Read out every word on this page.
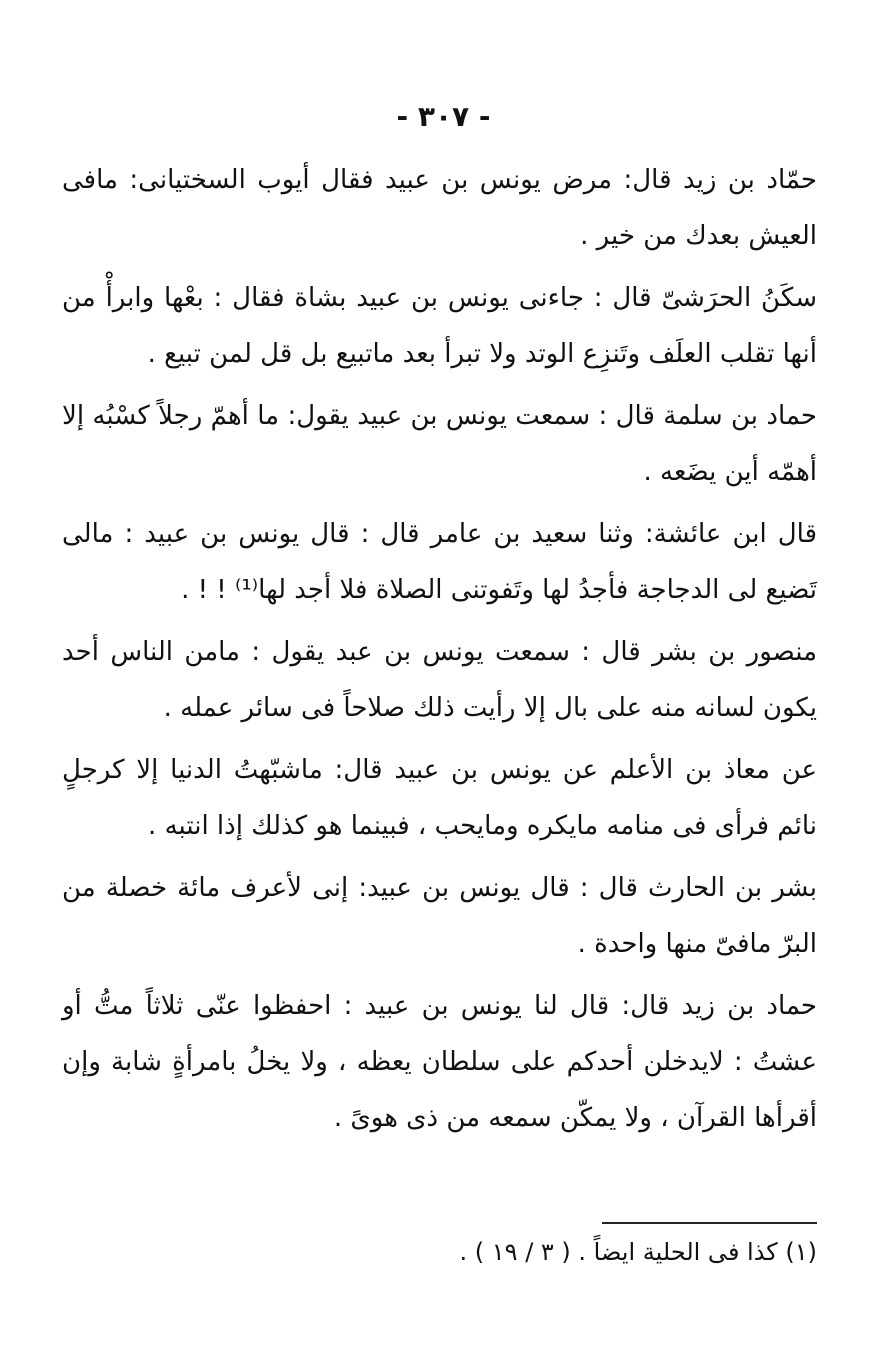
- ٣٠٧ -

حمّاد بن زيد قال: مرض يونس بن عبيد فقال أيوب السختيانى: مافى العيش بعدك من خير .

سكَنُ الحرَشىّ قال : جاءنى يونس بن عبيد بشاة فقال : بعْها وابرأْ من أنها تقلب العلَف وتَنزِع الوتد ولا تبرأ بعد ماتبيع بل قل لمن تبيع .

حماد بن سلمة قال : سمعت يونس بن عبيد يقول: ما أهمّ رجلاً كسْبُه إلا أهمّه أين يضَعه .

قال ابن عائشة: وثنا سعيد بن عامر قال : قال يونس بن عبيد : مالى تَضيع لى الدجاجة فأجدُ لها وتَفوتنى الصلاة فلا أجد لها⁽¹⁾ ! ! .

منصور بن بشر قال : سمعت يونس بن عبد يقول : مامن الناس أحد يكون لسانه منه على بال إلا رأيت ذلك صلاحاً فى سائر عمله .

عن معاذ بن الأعلم عن يونس بن عبيد قال: ماشبّهتُ الدنيا إلا كرجلٍ نائم فرأى فى منامه مايكره ومايحب ، فبينما هو كذلك إذا انتبه .

بشر بن الحارث قال : قال يونس بن عبيد: إنى لأعرف مائة خصلة من البرّ مافىّ منها واحدة .

حماد بن زيد قال: قال لنا يونس بن عبيد : احفظوا عنّى ثلاثاً متُّ أو عشتُ : لايدخلن أحدكم على سلطان يعظه ، ولا يخلُ بامرأةٍ شابة وإن أقرأها القرآن ، ولا يمكّن سمعه من ذى هوىً .

(١) كذا فى الحلية ايضاً . ( ٣ / ١٩ ) .
